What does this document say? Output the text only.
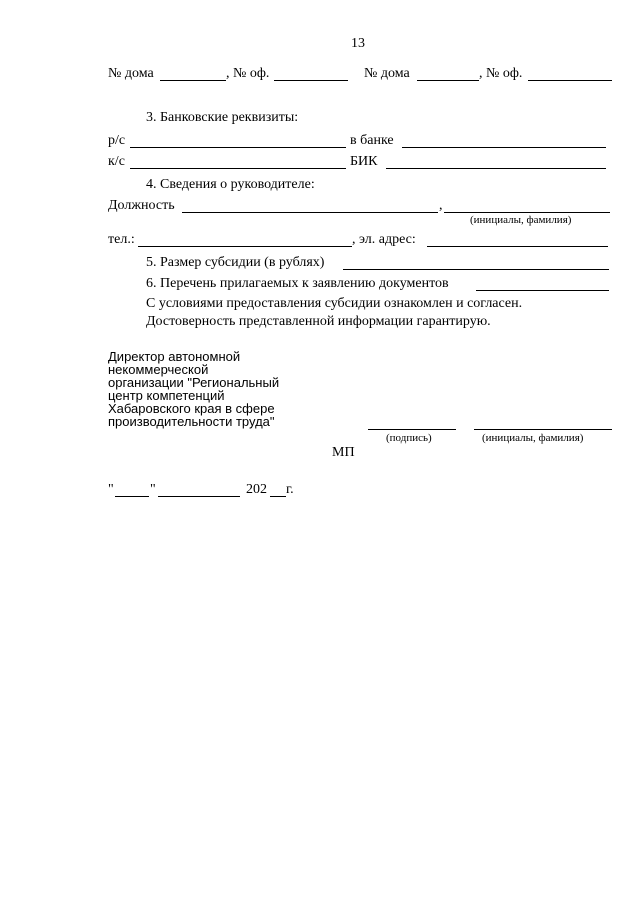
13
№ дома	, № оф.	№ дома	, № оф.
3. Банковские реквизиты:
р/с	в банке
к/с	БИК
4. Сведения о руководителе:
Должность	,
(инициалы, фамилия)
тел.:	, эл. адрес:
5. Размер субсидии (в рублях)
6. Перечень прилагаемых к заявлению документов
С условиями предоставления субсидии ознакомлен и согласен.
Достоверность представленной информации гарантирую.
Директор автономной
некоммерческой
организации "Региональный
центр компетенций
Хабаровского края в сфере
производительности труда"
(подпись)	(инициалы, фамилия)
МП
"	"	202 г.
